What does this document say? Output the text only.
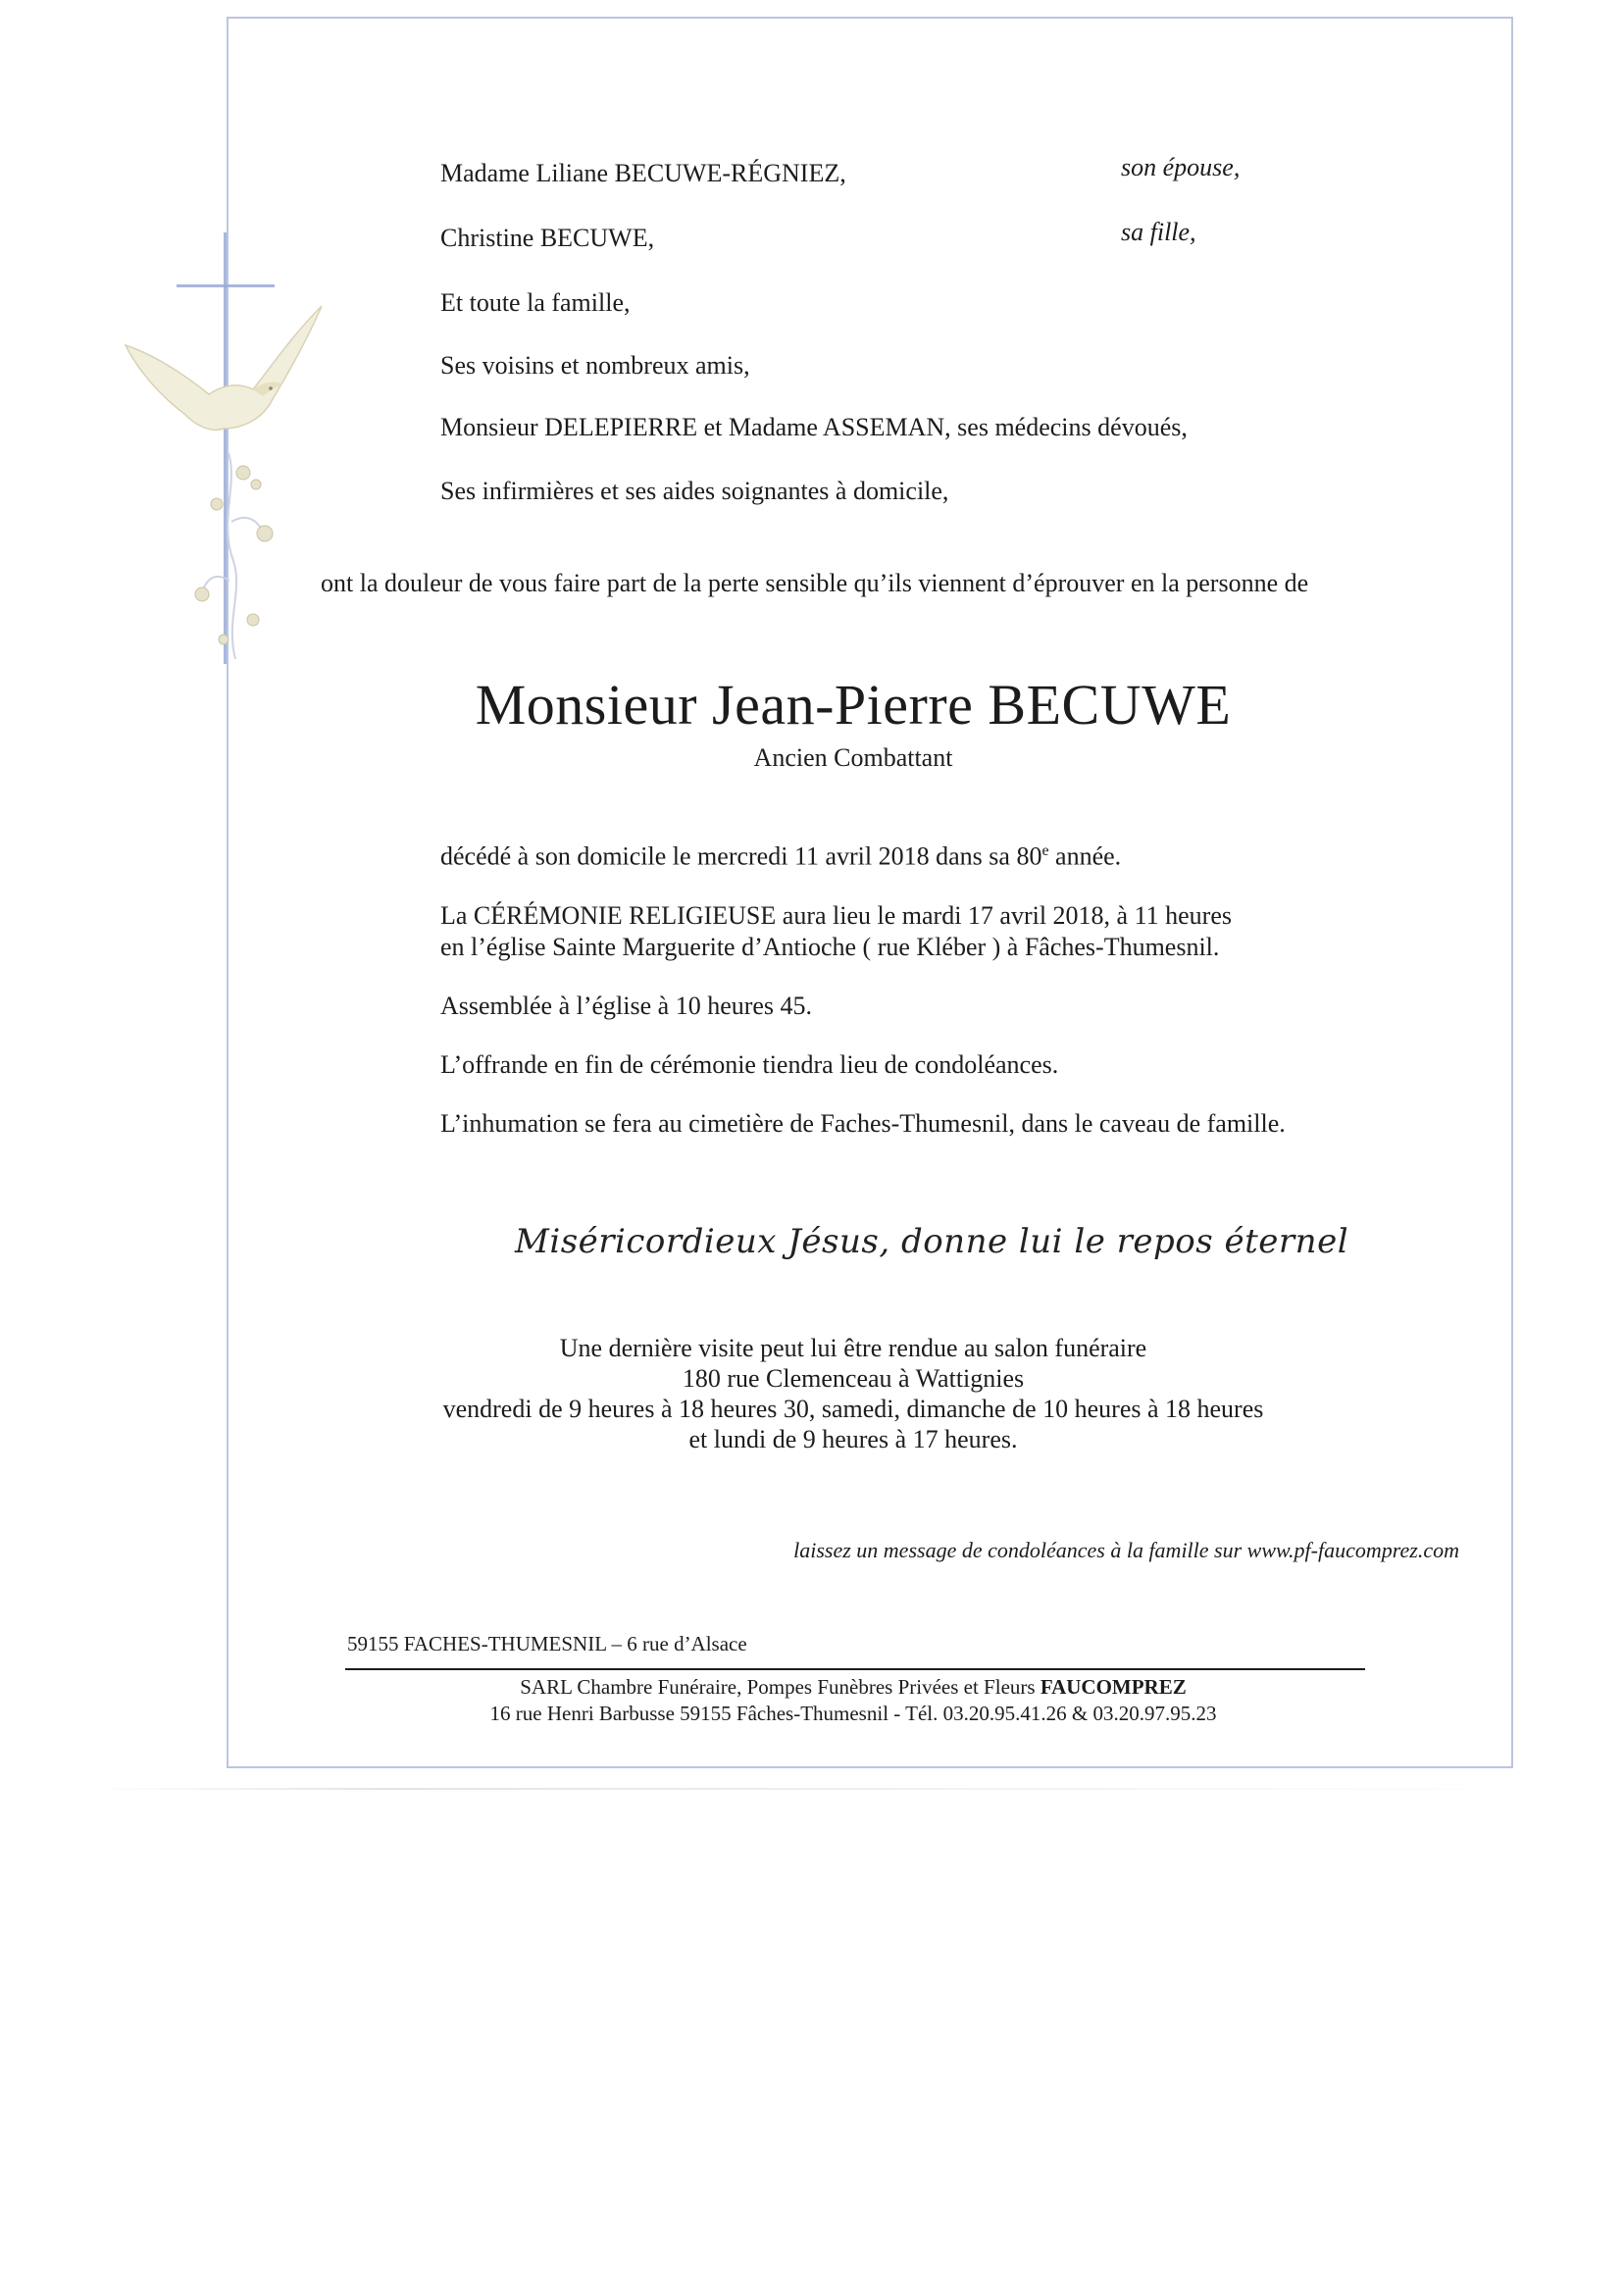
Madame Liliane BECUWE-RÉGNIEZ,	son épouse,
Christine BECUWE,	sa fille,
Et toute la famille,
Ses voisins et nombreux amis,
Monsieur DELEPIERRE et Madame ASSEMAN, ses médecins dévoués,
Ses infirmières et ses aides soignantes à domicile,
ont la douleur de vous faire part de la perte sensible qu’ils viennent d’éprouver en la personne de
Monsieur Jean-Pierre BECUWE
Ancien Combattant
décédé à son domicile le mercredi 11 avril 2018 dans sa 80e année.
La CÉRÉMONIE RELIGIEUSE aura lieu le mardi 17 avril 2018, à 11 heures
en l’église Sainte Marguerite d’Antioche ( rue Kléber ) à Fâches-Thumesnil.
Assemblée à l’église à 10 heures 45.
L’offrande en fin de cérémonie tiendra lieu de condoléances.
L’inhumation se fera au cimetière de Faches-Thumesnil, dans le caveau de famille.
Miséricordieux Jésus, donne lui le repos éternel
Une dernière visite peut lui être rendue au salon funéraire
180 rue Clemenceau à Wattignies
vendredi de 9 heures à 18 heures 30, samedi, dimanche de 10 heures à 18 heures
et lundi de 9 heures à 17 heures.
laissez un message de condoléances à la famille sur www.pf-faucomprez.com
59155 FACHES-THUMESNIL – 6 rue d’Alsace
SARL Chambre Funéraire, Pompes Funèbres Privées et Fleurs FAUCOMPREZ
16 rue Henri Barbusse 59155 Fâches-Thumesnil - Tél. 03.20.95.41.26 & 03.20.97.95.23
